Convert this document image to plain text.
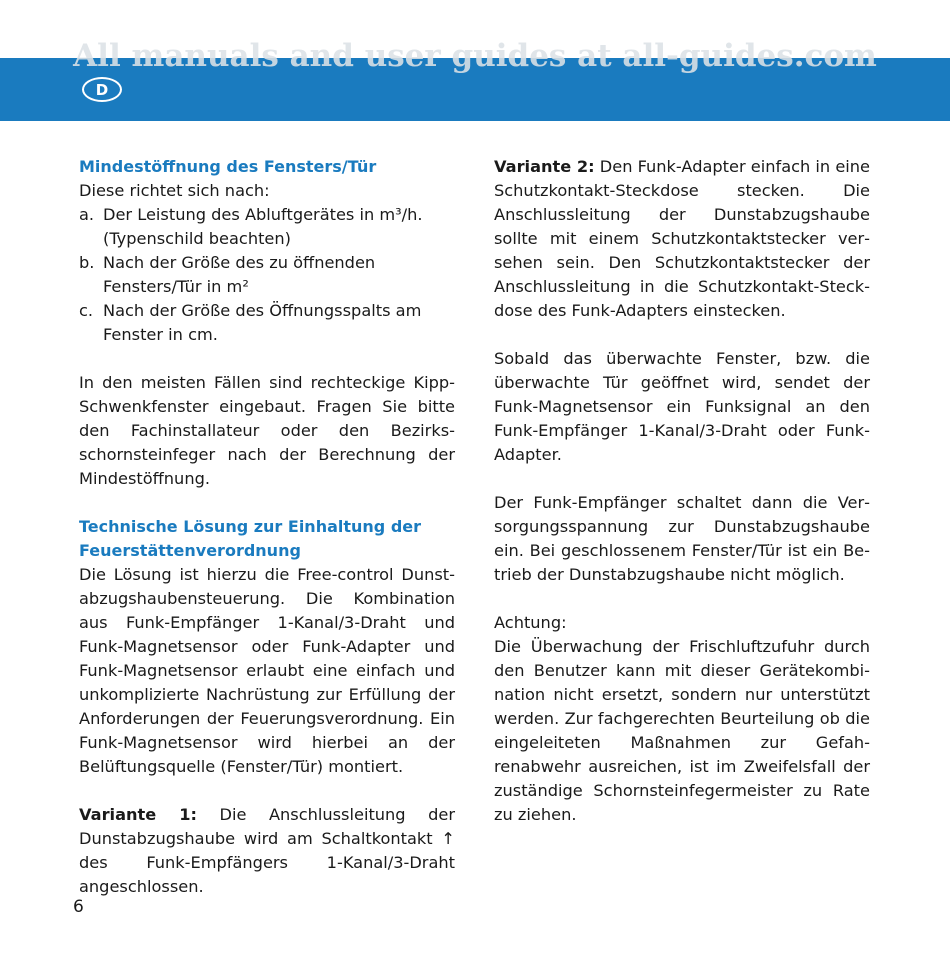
D
All manuals and user guides at all-guides.com
Mindestöffnung des Fensters/Tür
Diese richtet sich nach:
a. Der Leistung des Abluftgerätes in m³/h.
(Typenschild beachten)
b. Nach der Größe des zu öffnenden
Fensters/Tür in m²
c. Nach der Größe des Öffnungsspalts am
Fenster in cm.
In den meisten Fällen sind rechteckige Kipp-Schwenkfenster eingebaut. Fragen Sie bitte den Fachinstallateur oder den Bezirksschornsteinfeger nach der Berechnung der Mindestöffnung.
Technische Lösung zur Einhaltung der
Feuerstättenverordnung
Die Lösung ist hierzu die Free-control Dunstabzugshaubensteuerung. Die Kombination aus Funk-Empfänger 1-Kanal/3-Draht und Funk-Magnetsensor oder Funk-Adapter und Funk-Magnetsensor erlaubt eine einfach und unkomplizierte Nachrüstung zur Erfüllung der Anforderungen der Feuerungsverordnung. Ein Funk-Magnetsensor wird hierbei an der Belüftungsquelle (Fenster/Tür) montiert.
Variante 1: Die Anschlussleitung der Dunstabzugshaube wird am Schaltkontakt ↑ des Funk-Empfängers 1-Kanal/3-Draht angeschlossen.
Variante 2: Den Funk-Adapter einfach in eine Schutzkontakt-Steckdose stecken. Die Anschlussleitung der Dunstabzugshaube sollte mit einem Schutzkontaktstecker versehen sein. Den Schutzkontaktstecker der Anschlussleitung in die Schutzkontakt-Steckdose des Funk-Adapters einstecken.
Sobald das überwachte Fenster, bzw. die überwachte Tür geöffnet wird, sendet der Funk-Magnetsensor ein Funksignal an den Funk-Empfänger 1-Kanal/3-Draht oder Funk-Adapter.
Der Funk-Empfänger schaltet dann die Versorgungsspannung zur Dunstabzugshaube ein. Bei geschlossenem Fenster/Tür ist ein Betrieb der Dunstabzugshaube nicht möglich.
Achtung:
Die Überwachung der Frischluftzufuhr durch den Benutzer kann mit dieser Gerätekombination nicht ersetzt, sondern nur unterstützt werden. Zur fachgerechten Beurteilung ob die eingeleiteten Maßnahmen zur Gefahrenabwehr ausreichen, ist im Zweifelsfall der zuständige Schornsteinfegermeister zu Rate zu ziehen.
6
